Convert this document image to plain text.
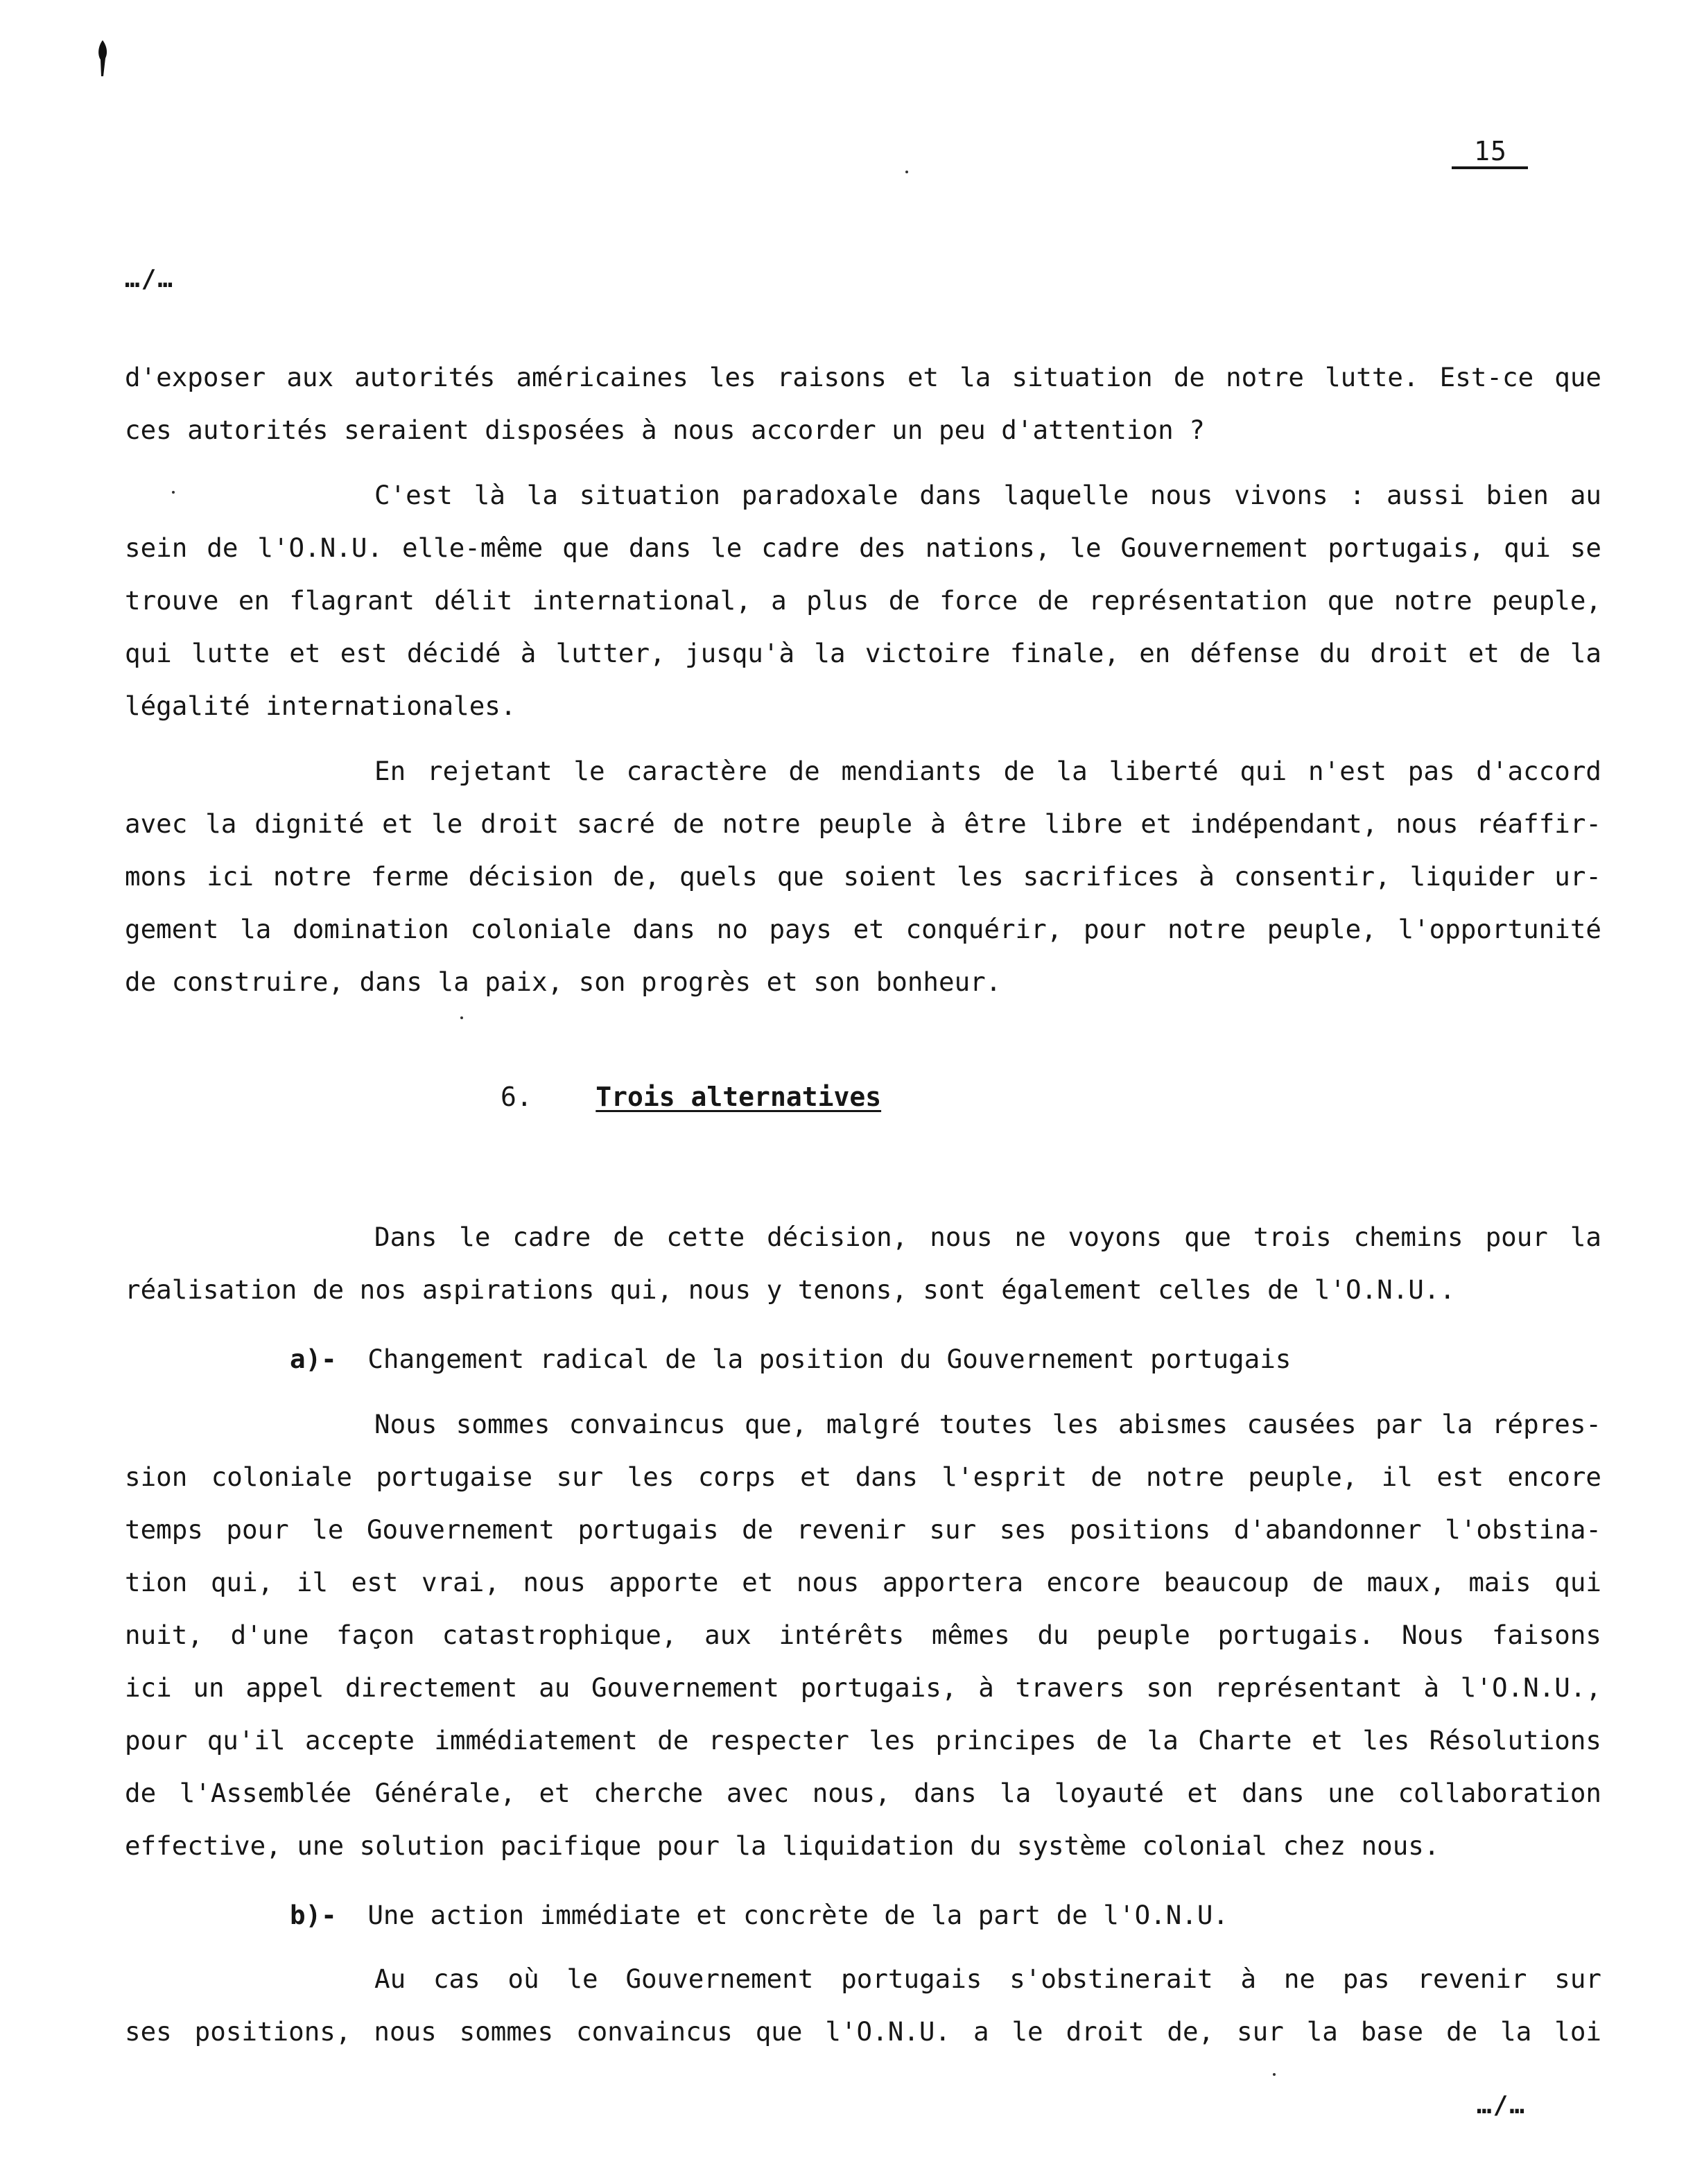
15
…/…
d'exposer aux autorités américaines les raisons et la situation de notre lutte. Est-ce que
ces autorités seraient disposées à nous accorder un peu d'attention ?
C'est là la situation paradoxale dans laquelle nous vivons : aussi bien au
sein de l'O.N.U. elle-même que dans le cadre des nations, le Gouvernement portugais, qui se
trouve en flagrant délit international, a plus de force de représentation que notre peuple,
qui lutte et est décidé à lutter, jusqu'à la victoire finale, en défense du droit et de la
légalité internationales.
En rejetant le caractère de mendiants de la liberté qui n'est pas d'accord
avec la dignité et le droit sacré de notre peuple à être libre et indépendant, nous réaffir-
mons ici notre ferme décision de, quels que soient les sacrifices à consentir, liquider ur-
gement la domination coloniale dans no pays et conquérir, pour notre peuple, l'opportunité
de construire, dans la paix, son progrès et son bonheur.
6. Trois alternatives
Dans le cadre de cette décision, nous ne voyons que trois chemins pour la
réalisation de nos aspirations qui, nous y tenons, sont également celles de l'O.N.U..
a)- Changement radical de la position du Gouvernement portugais
Nous sommes convaincus que, malgré toutes les abismes causées par la répres-
sion coloniale portugaise sur les corps et dans l'esprit de notre peuple, il est encore
temps pour le Gouvernement portugais de revenir sur ses positions d'abandonner l'obstina-
tion qui, il est vrai, nous apporte et nous apportera encore beaucoup de maux, mais qui
nuit, d'une façon catastrophique, aux intérêts mêmes du peuple portugais. Nous faisons
ici un appel directement au Gouvernement portugais, à travers son représentant à l'O.N.U.,
pour qu'il accepte immédiatement de respecter les principes de la Charte et les Résolutions
de l'Assemblée Générale, et cherche avec nous, dans la loyauté et dans une collaboration
effective, une solution pacifique pour la liquidation du système colonial chez nous.
b)- Une action immédiate et concrète de la part de l'O.N.U.
Au cas où le Gouvernement portugais s'obstinerait à ne pas revenir sur
ses positions, nous sommes convaincus que l'O.N.U. a le droit de, sur la base de la loi
…/…
